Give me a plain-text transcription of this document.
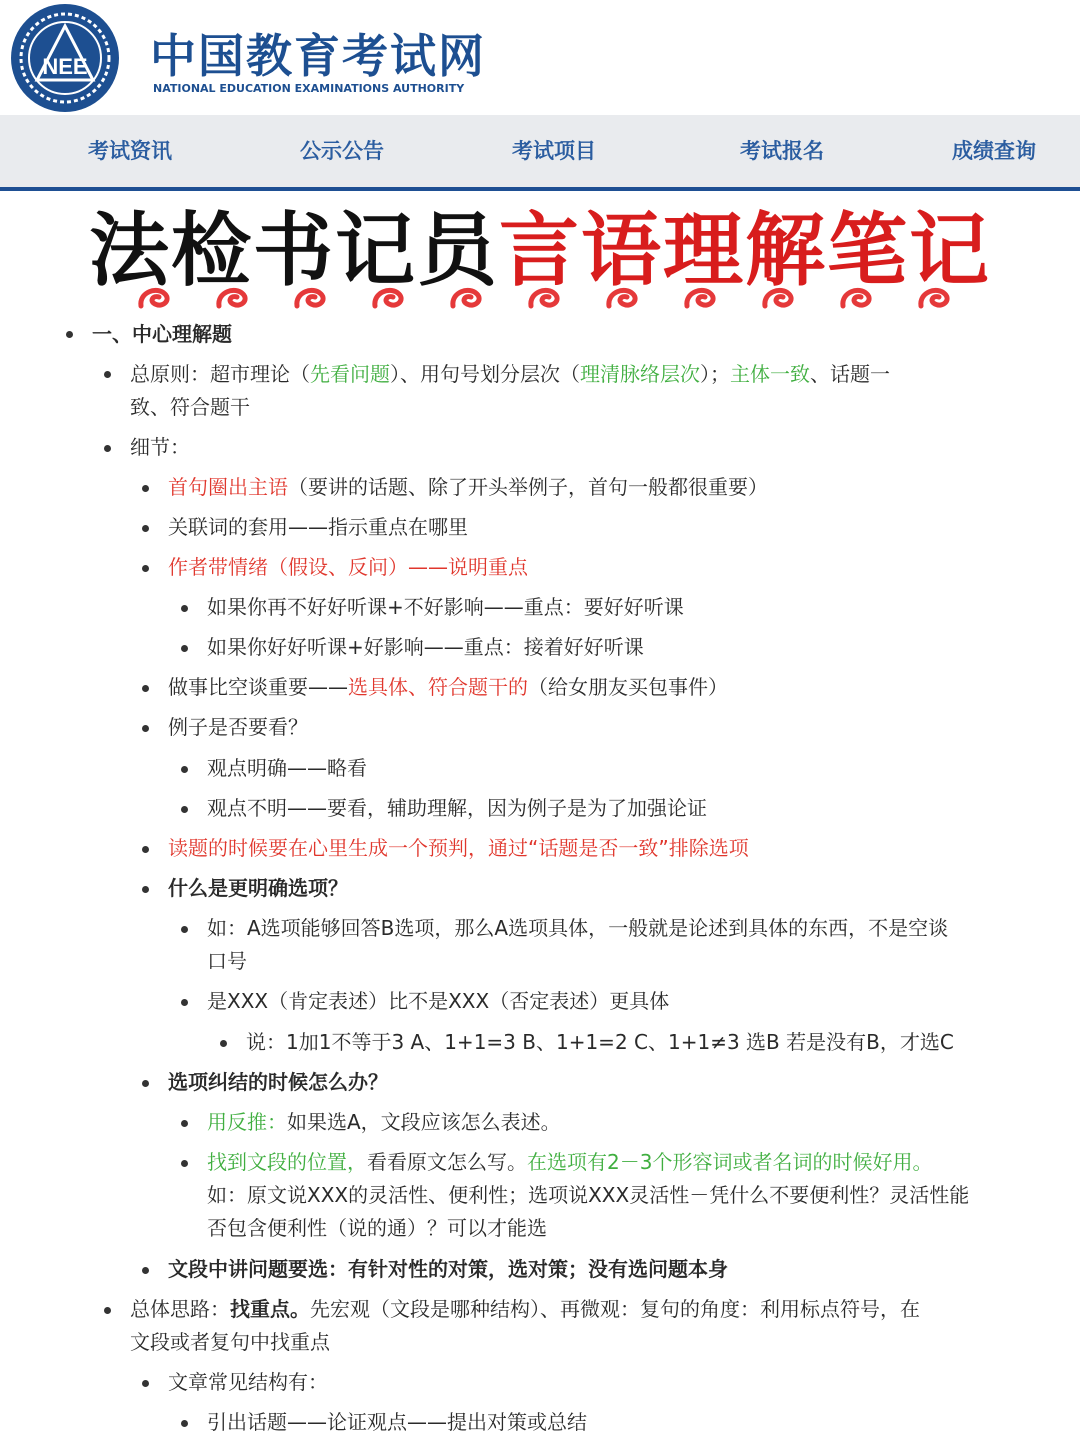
NEE 中国教育考试网
NATIONAL EDUCATION EXAMINATIONS AUTHORITY
考试资讯	公示公告	考试项目	考试报名	成绩查询
法检书记员言语理解笔记
一、中心理解题
总原则：超市理论（先看问题）、用句号划分层次（理清脉络层次）；主体一致、话题一
致、符合题干
细节：
首句圈出主语（要讲的话题、除了开头举例子，首句一般都很重要）
关联词的套用——指示重点在哪里
作者带情绪（假设、反问）——说明重点
如果你再不好好听课+不好影响——重点：要好好听课
如果你好好听课+好影响——重点：接着好好听课
做事比空谈重要——选具体、符合题干的（给女朋友买包事件）
例子是否要看？
观点明确——略看
观点不明——要看，辅助理解，因为例子是为了加强论证
读题的时候要在心里生成一个预判，通过“话题是否一致”排除选项
什么是更明确选项？
如：A选项能够回答B选项，那么A选项具体，一般就是论述到具体的东西，不是空谈
口号
是XXX（肯定表述）比不是XXX（否定表述）更具体
说：1加1不等于3 A、1+1=3 B、1+1=2 C、1+1≠3 选B 若是没有B，才选C
选项纠结的时候怎么办？
用反推：如果选A，文段应该怎么表述。
找到文段的位置，看看原文怎么写。在选项有2－3个形容词或者名词的时候好用。
如：原文说XXX的灵活性、便利性；选项说XXX灵活性－凭什么不要便利性？灵活性能
否包含便利性（说的通）？可以才能选
文段中讲问题要选：有针对性的对策，选对策；没有选问题本身
总体思路：找重点。先宏观（文段是哪种结构）、再微观：复句的角度：利用标点符号，在
文段或者复句中找重点
文章常见结构有：
引出话题——论证观点——提出对策或总结
